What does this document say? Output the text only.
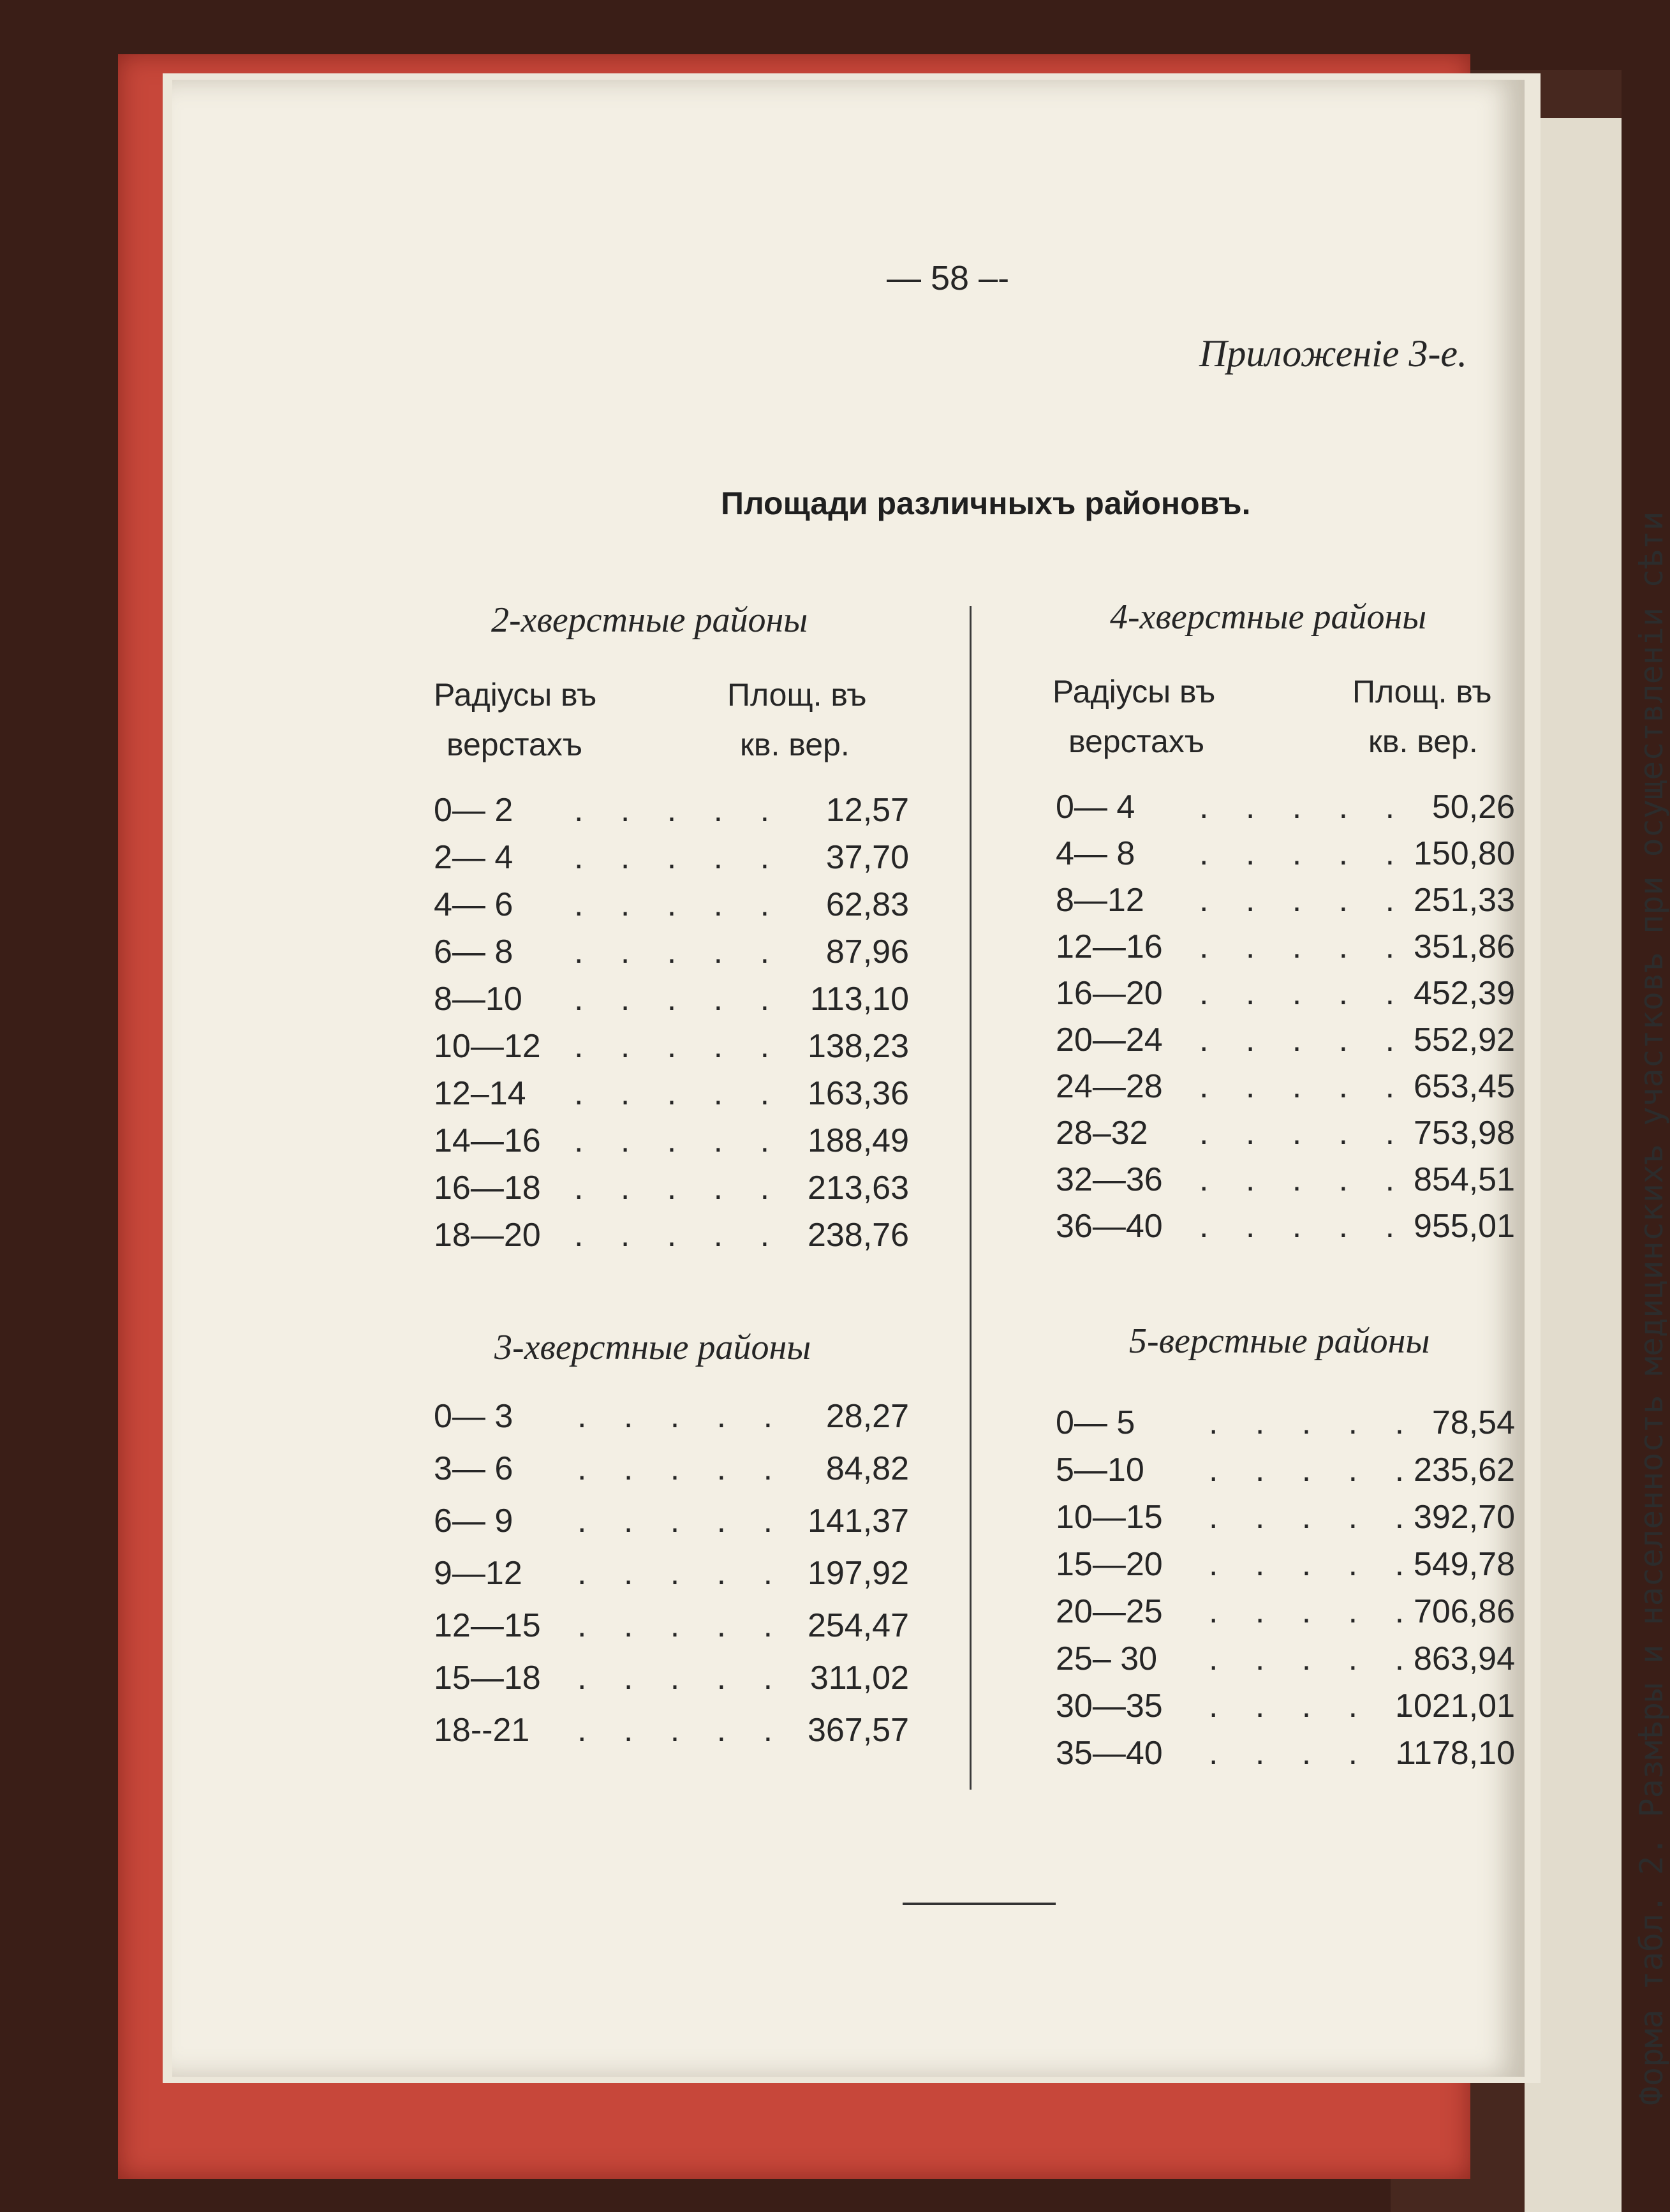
Форма табл. 2. Размѣры и населенность медицинскихъ участковъ при осуществленiи сѣти
— 58 –-
Приложенiе 3-е.
Площади различныхъ районовъ.
2-хверстные районы
Радiусы въ
верстахъ
Площ. въ
кв. вер.
0— 2 . . . . . 12,57
2— 4 . . . . . 37,70
4— 6 . . . . . 62,83
6— 8 . . . . . 87,96
8—10 . . . . . 113,10
10—12 . . . . . 138,23
12–14 . . . . . 163,36
14—16 . . . . . 188,49
16—18 . . . . . 213,63
18—20 . . . . . 238,76
3-хверстные районы
0— 3 . . . . . 28,27
3— 6 . . . . . 84,82
6— 9 . . . . . 141,37
9—12 . . . . . 197,92
12—15 . . . . . 254,47
15—18 . . . . . 311,02
18--21 . . . . . 367,57
4-хверстные районы
Радiусы въ
верстахъ
Площ. въ
кв. вер.
0— 4 . . . . . 50,26
4— 8 . . . . . 150,80
8—12 . . . . . 251,33
12—16 . . . . . 351,86
16—20 . . . . . 452,39
20—24 . . . . . 552,92
24—28 . . . . . 653,45
28–32 . . . . . 753,98
32—36 . . . . . 854,51
36—40 . . . . . 955,01
5-верстные районы
0— 5 . . . . . 78,54
5—10 . . . . .
235,62
10—15 . . . . .
392,70
15—20 . . . . .
549,78
20—25 . . . . .
706,86
25– 30 . . . . .
863,94
30—35 . . . . .
1021,01
35—40 . . . . .
1178,10
